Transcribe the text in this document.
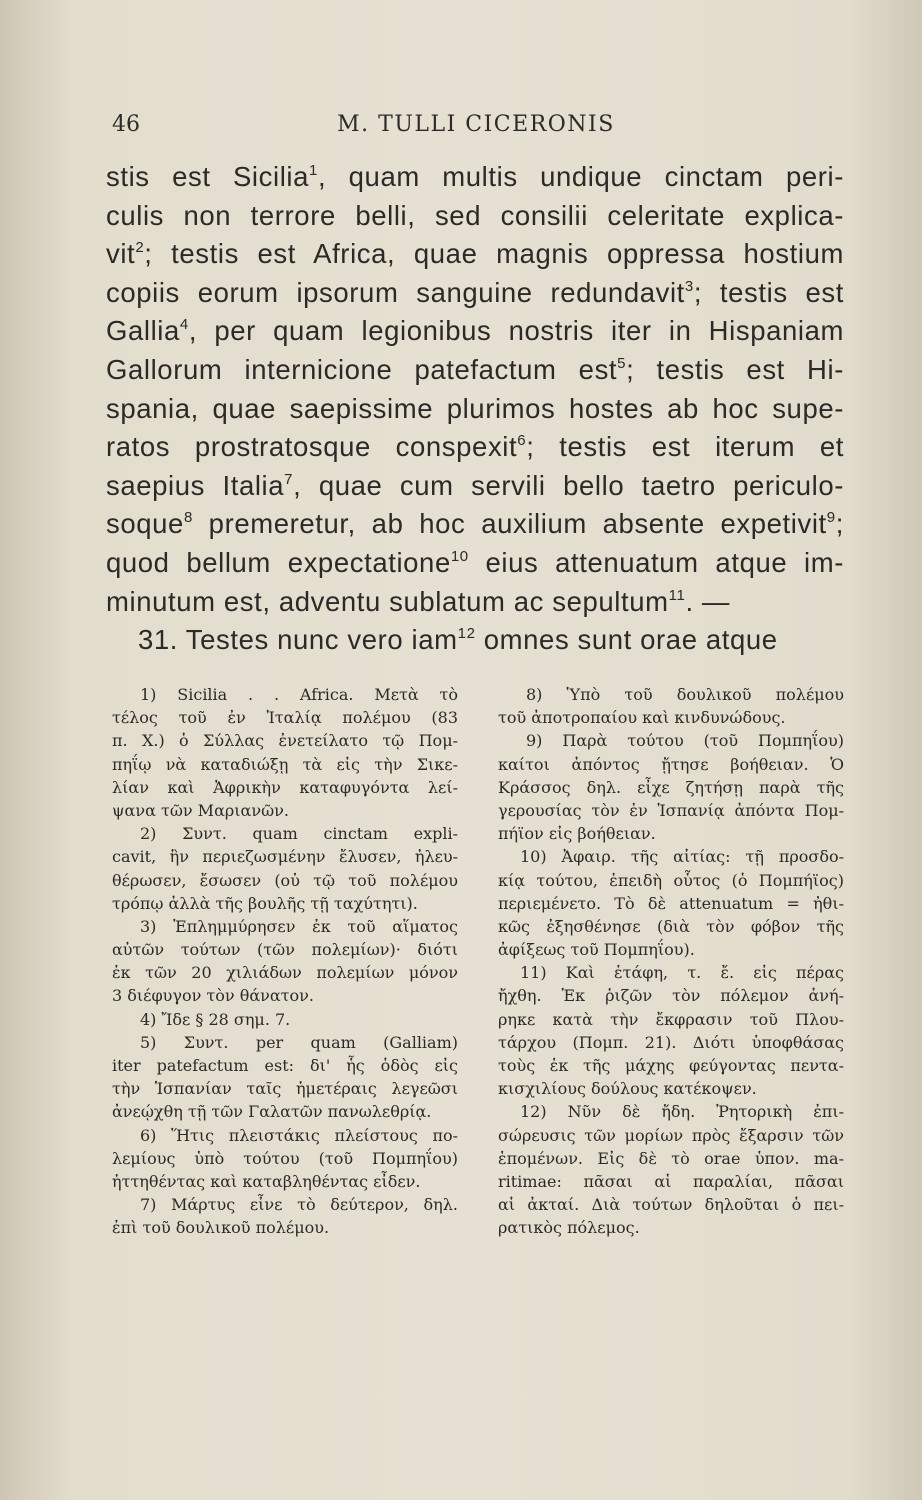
46	M. TULLI CICERONIS
stis est Sicilia$^1$, quam multis undique cinctam peri-
culis non terrore belli, sed consilii celeritate explica-
vit$^2$; testis est Africa, quae magnis oppressa hostium
copiis eorum ipsorum sanguine redundavit$^3$; testis est
Gallia$^4$, per quam legionibus nostris iter in Hispaniam
Gallorum internicione patefactum est$^5$; testis est Hi-
spania, quae saepissime plurimos hostes ab hoc supe-
ratos prostratosque conspexit$^6$; testis est iterum et
saepius Italia$^7$, quae cum servili bello taetro periculo-
soque$^8$ premeretur, ab hoc auxilium absente expetivit$^9$;
quod bellum expectatione$^{10}$ eius attenuatum atque im-
minutum est, adventu sublatum ac sepultum$^{11}$. —
31. Testes nunc vero iam$^{12}$ omnes sunt orae atque
1) Sicilia . . Africa. Μετὰ τὸ
τέλος τοῦ ἐν Ἰταλίᾳ πολέμου (83
π. Χ.) ὁ Σύλλας ἐνετείλατο τῷ Πομ-
πηΐῳ νὰ καταδιώξῃ τὰ εἰς τὴν Σικε-
λίαν καὶ Ἀφρικὴν καταφυγόντα λεί-
ψανα τῶν Μαριανῶν.
2) Συντ. quam cinctam expli-
cavit, ἣν περιεζωσμένην ἔλυσεν, ἠλευ-
θέρωσεν, ἔσωσεν (οὐ τῷ τοῦ πολέμου
τρόπῳ ἀλλὰ τῆς βουλῆς τῇ ταχύτητι).
3) Ἐπλημμύρησεν ἐκ τοῦ αἵματος
αὐτῶν τούτων (τῶν πολεμίων)· διότι
ἐκ τῶν 20 χιλιάδων πολεμίων μόνον
3 διέφυγον τὸν θάνατον.
4) Ἴδε § 28 σημ. 7.
5) Συντ. per quam (Galliam)
iter patefactum est: δι' ἧς ὁδὸς εἰς
τὴν Ἱσπανίαν ταῖς ἡμετέραις λεγεῶσι
ἀνεῴχθη τῇ τῶν Γαλατῶν πανωλεθρίᾳ.
6) Ἥτις πλειστάκις πλείστους πο-
λεμίους ὑπὸ τούτου (τοῦ Πομπηΐου)
ἡττηθέντας καὶ καταβληθέντας εἶδεν.
7) Μάρτυς εἶνε τὸ δεύτερον, δηλ.
ἐπὶ τοῦ δουλικοῦ πολέμου.
8) Ὑπὸ τοῦ δουλικοῦ πολέμου
τοῦ ἀποτροπαίου καὶ κινδυνώδους.
9) Παρὰ τούτου (τοῦ Πομπηΐου)
καίτοι ἀπόντος ᾔτησε βοήθειαν. Ὁ
Κράσσος δηλ. εἶχε ζητήσῃ παρὰ τῆς
γερουσίας τὸν ἐν Ἱσπανίᾳ ἀπόντα Πομ-
πήϊον εἰς βοήθειαν.
10) Ἀφαιρ. τῆς αἰτίας: τῇ προσδο-
κίᾳ τούτου, ἐπειδὴ οὗτος (ὁ Πομπήϊος)
περιεμένετο. Τὸ δὲ attenuatum = ἠθι-
κῶς ἐξησθένησε (διὰ τὸν φόβον τῆς
ἀφίξεως τοῦ Πομπηΐου).
11) Καὶ ἐτάφη, τ. ἔ. εἰς πέρας
ἤχθη. Ἐκ ῥιζῶν τὸν πόλεμον ἀνή-
ρηκε κατὰ τὴν ἔκφρασιν τοῦ Πλου-
τάρχου (Πομπ. 21). Διότι ὑποφθάσας
τοὺς ἐκ τῆς μάχης φεύγοντας πεντα-
κισχιλίους δούλους κατέκοψεν.
12) Νῦν δὲ ἤδη. Ῥητορικὴ ἐπι-
σώρευσις τῶν μορίων πρὸς ἔξαρσιν τῶν
ἑπομένων. Εἰς δὲ τὸ orae ὑπον. ma-
ritimae: πᾶσαι αἱ παραλίαι, πᾶσαι
αἱ ἀκταί. Διὰ τούτων δηλοῦται ὁ πει-
ρατικὸς πόλεμος.
